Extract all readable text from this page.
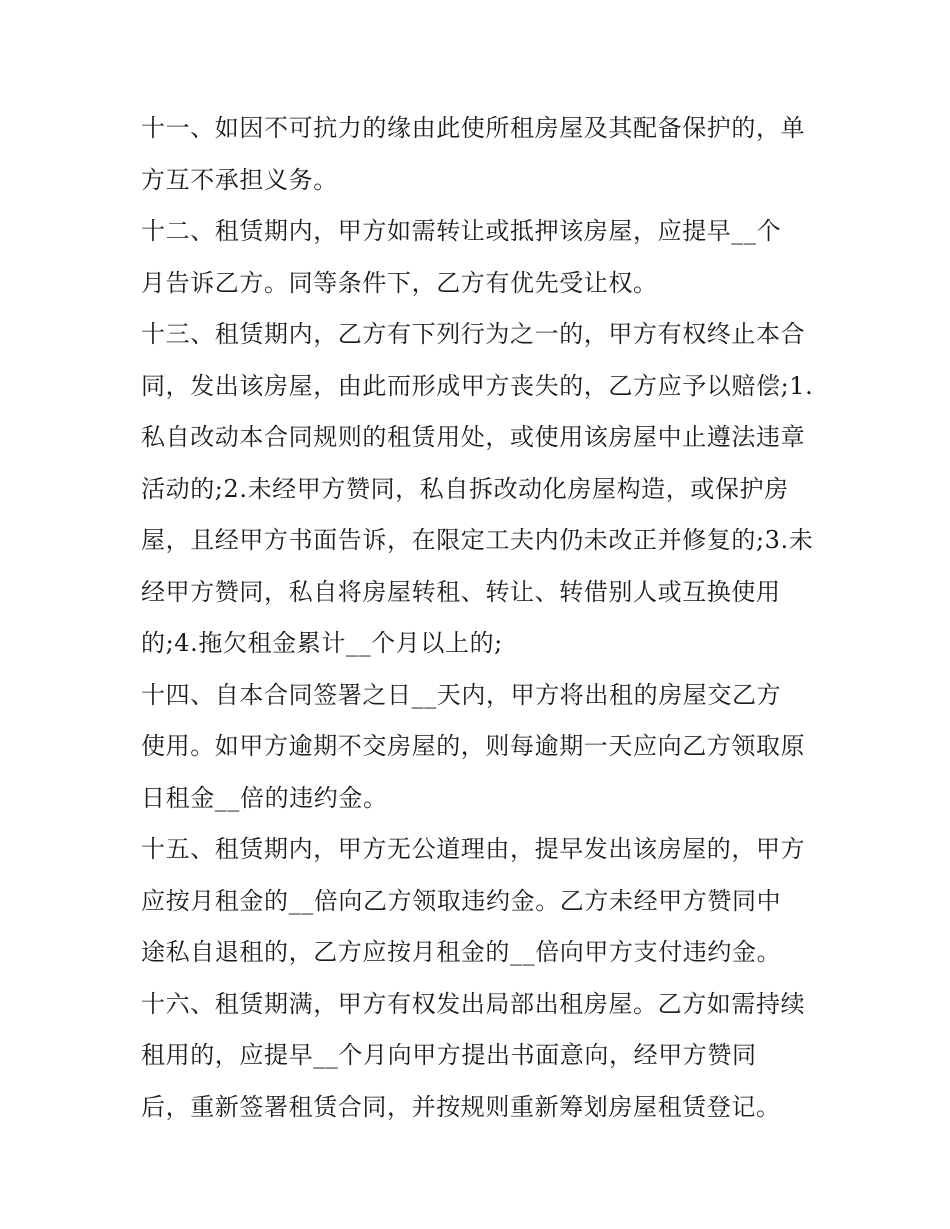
十一、如因不可抗力的缘由此使所租房屋及其配备保护的，单
方互不承担义务。
十二、租赁期内，甲方如需转让或抵押该房屋，应提早__个
月告诉乙方。同等条件下，乙方有优先受让权。
十三、租赁期内，乙方有下列行为之一的，甲方有权终止本合
同，发出该房屋，由此而形成甲方丧失的，乙方应予以赔偿;1.
私自改动本合同规则的租赁用处，或使用该房屋中止遵法违章
活动的;2.未经甲方赞同，私自拆改动化房屋构造，或保护房
屋，且经甲方书面告诉，在限定工夫内仍未改正并修复的;3.未
经甲方赞同，私自将房屋转租、转让、转借别人或互换使用
的;4.拖欠租金累计__个月以上的;
十四、自本合同签署之日__天内，甲方将出租的房屋交乙方
使用。如甲方逾期不交房屋的，则每逾期一天应向乙方领取原
日租金__倍的违约金。
十五、租赁期内，甲方无公道理由，提早发出该房屋的，甲方
应按月租金的__倍向乙方领取违约金。乙方未经甲方赞同中
途私自退租的，乙方应按月租金的__倍向甲方支付违约金。
十六、租赁期满，甲方有权发出局部出租房屋。乙方如需持续
租用的，应提早__个月向甲方提出书面意向，经甲方赞同
后，重新签署租赁合同，并按规则重新筹划房屋租赁登记。
